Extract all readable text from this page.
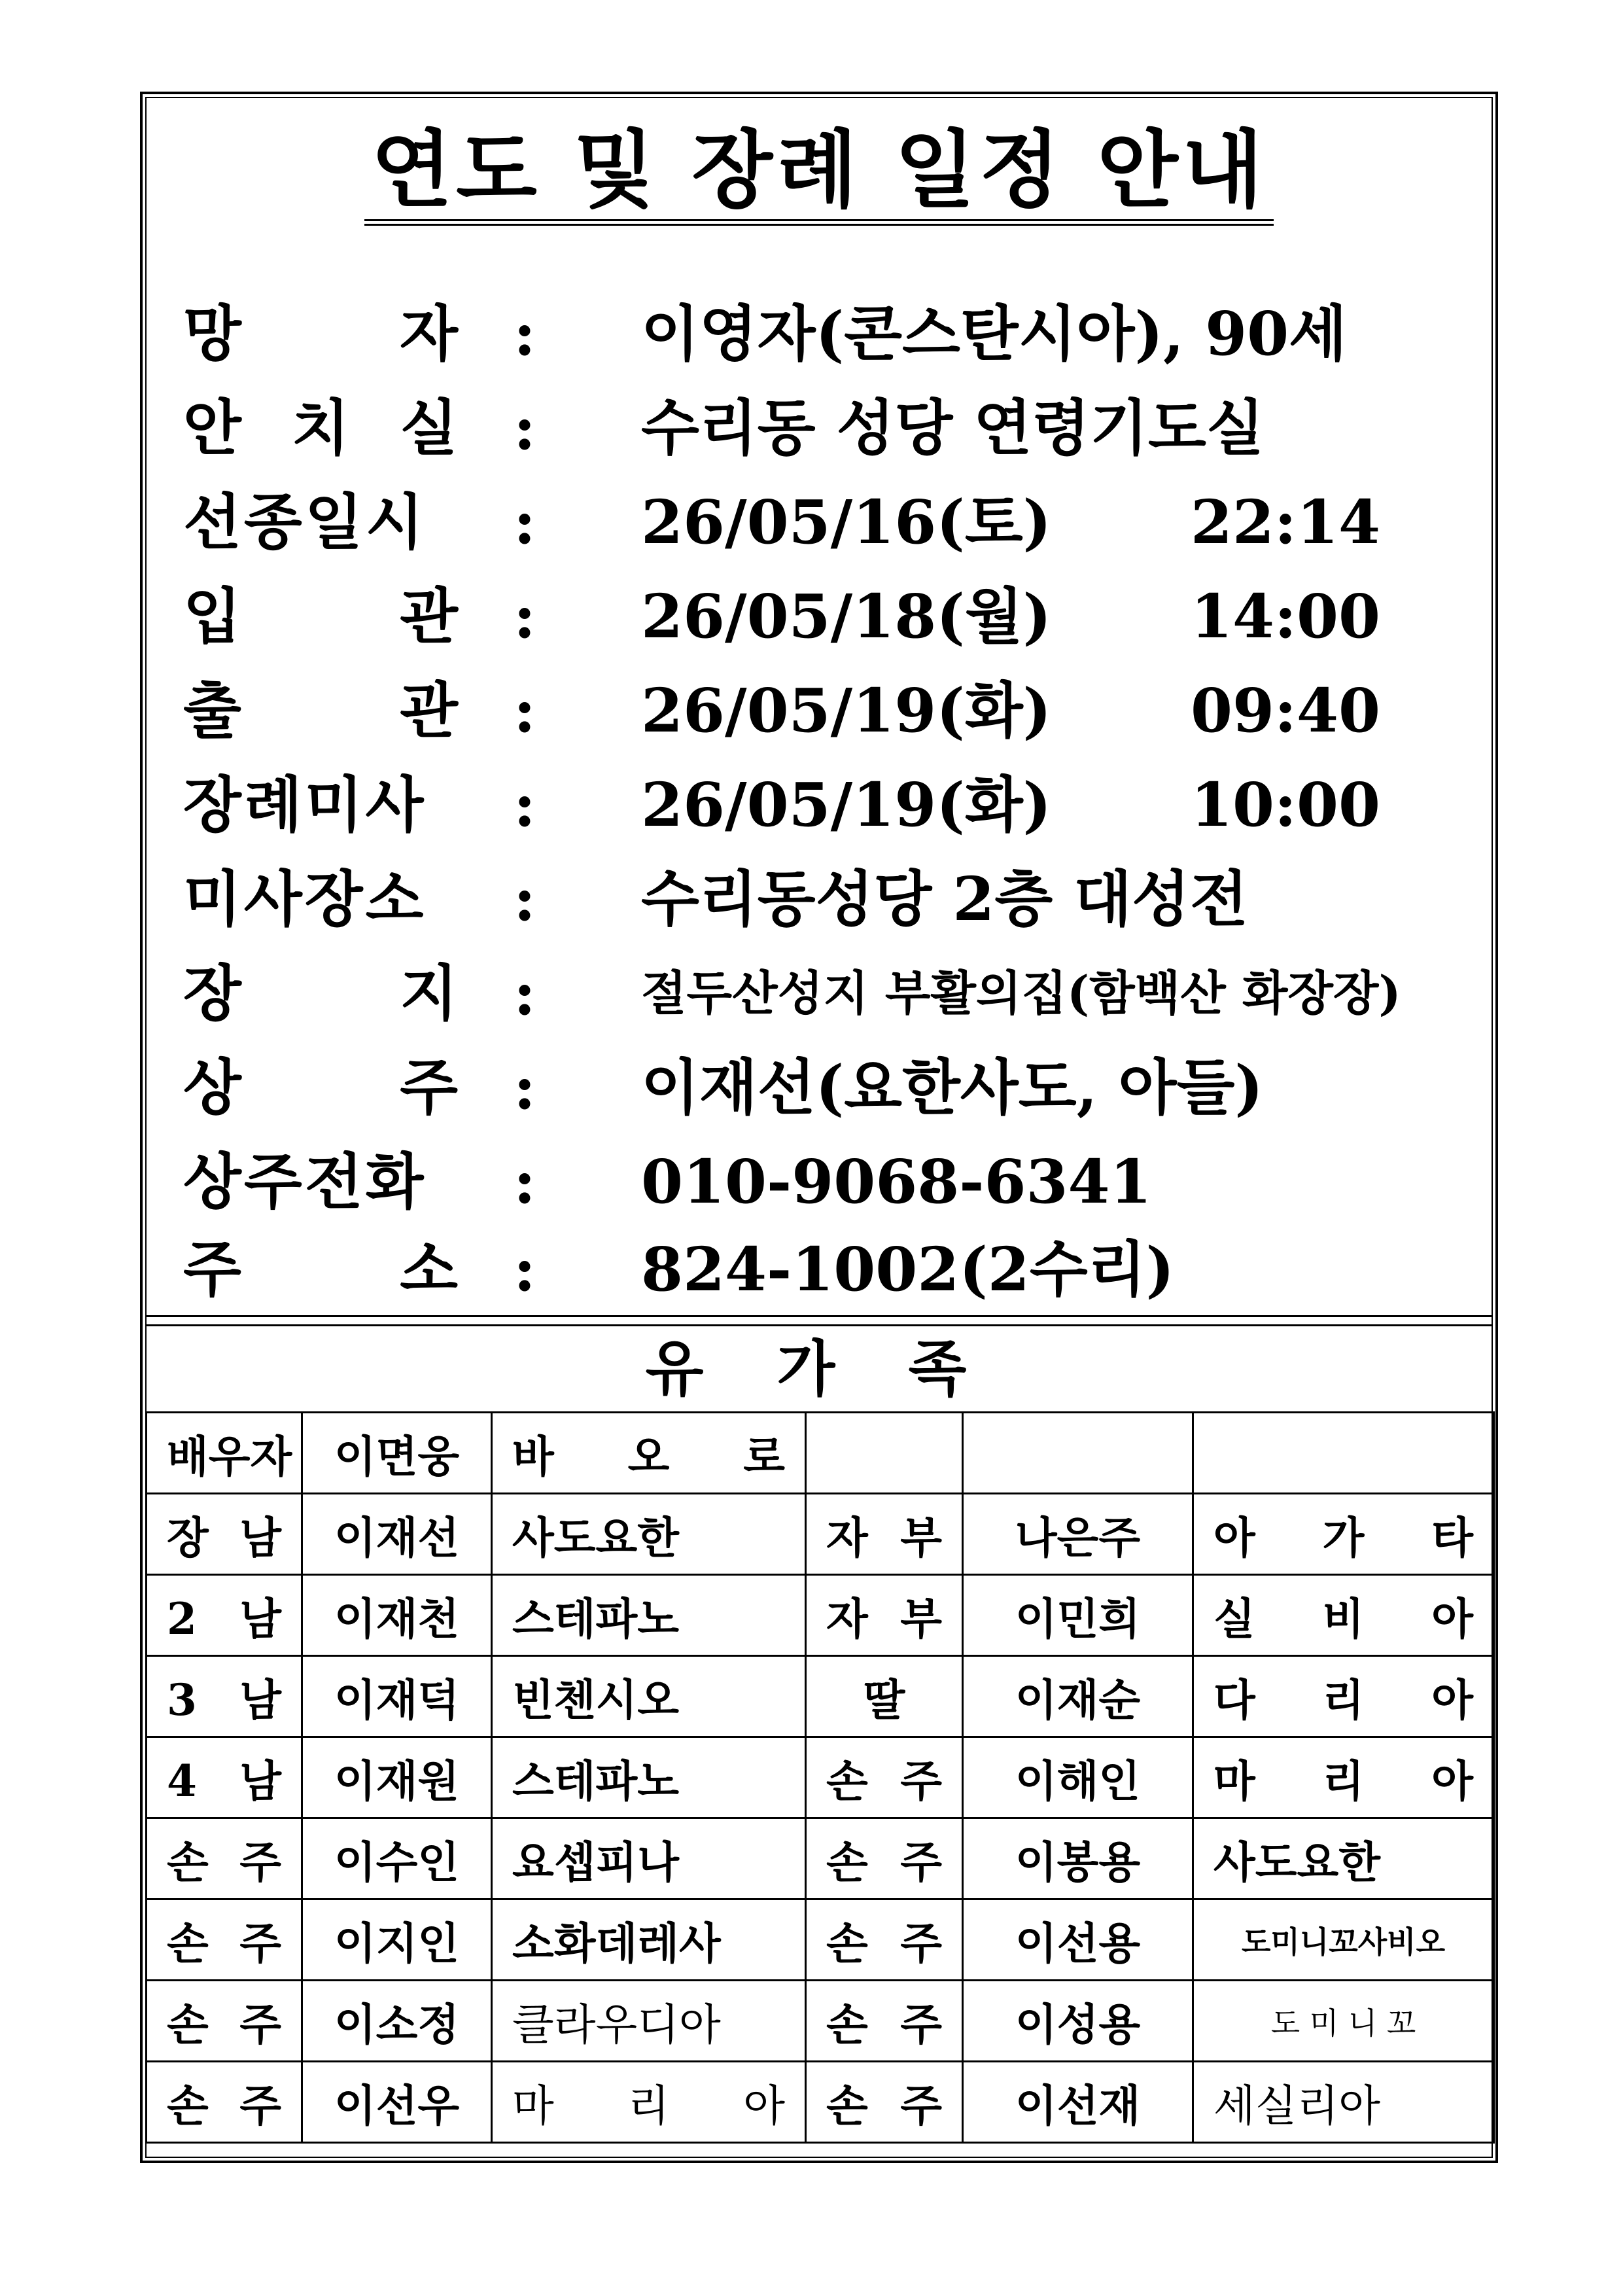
연도 및 장례 일정 안내
망 자 : 이영자(콘스탄시아), 90세
안 치 실 : 수리동 성당 연령기도실
선종일시	: 26/05/16(토) 22:14
입 관 : 26/05/18(월) 14:00
출 관 : 26/05/19(화) 09:40
장례미사	: 26/05/19(화) 10:00
미사장소	: 수리동성당 2층 대성전
장 지 : 절두산성지 부활의집(함백산 화장장)
상 주 : 이재선(요한사도, 아들)
상주전화	: 010-9068-6341
주 소 : 824-1002(2수리)
유 가 족
배우자	이면웅	바 오 로			
장 남	이재선	사도요한	자 부	나은주	아 가 타
2 남	이재천	스테파노	자 부	이민희	실 비 아
3 남	이재덕	빈첸시오	딸	이재순	다 리 아
4 남	이재원	스테파노	손 주	이해인	마 리 아
손 주	이수인	요셉피나	손 주	이봉용	사도요한
손 주	이지인	소화데레사	손 주	이선용	도미니꼬사비오
손 주	이소정	클라우디아	손 주	이성용	도 미 니 꼬
손 주	이선우	마 리 아	손 주	이선재	세실리아
